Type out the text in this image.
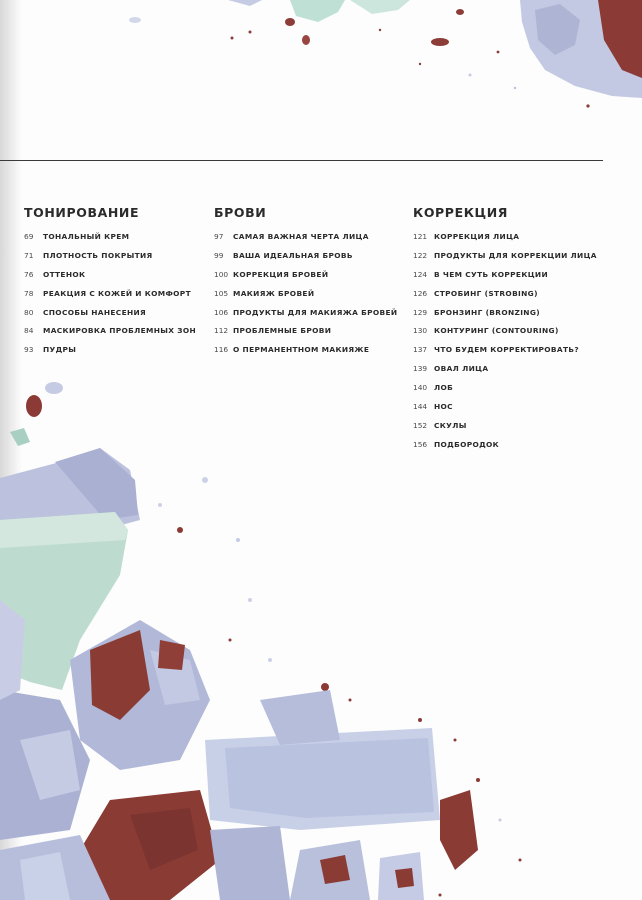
ТОНИРОВАНИЕ
69	ТОНАЛЬНЫЙ КРЕМ
71	ПЛОТНОСТЬ ПОКРЫТИЯ
76	ОТТЕНОК
78	РЕАКЦИЯ С КОЖЕЙ И КОМФОРТ
80	СПОСОБЫ НАНЕСЕНИЯ
84	МАСКИРОВКА ПРОБЛЕМНЫХ ЗОН
93	ПУДРЫ
БРОВИ
97	САМАЯ ВАЖНАЯ ЧЕРТА ЛИЦА
99	ВАША ИДЕАЛЬНАЯ БРОВЬ
100 КОРРЕКЦИЯ БРОВЕЙ
105 МАКИЯЖ БРОВЕЙ
106 ПРОДУКТЫ ДЛЯ МАКИЯЖА БРОВЕЙ
112 ПРОБЛЕМНЫЕ БРОВИ
116 О ПЕРМАНЕНТНОМ МАКИЯЖЕ
КОРРЕКЦИЯ
121 КОРРЕКЦИЯ ЛИЦА
122 ПРОДУКТЫ ДЛЯ КОРРЕКЦИИ ЛИЦА
124 В ЧЕМ СУТЬ КОРРЕКЦИИ
126 СТРОБИНГ (STROBING)
129 БРОНЗИНГ (BRONZING)
130 КОНТУРИНГ (CONTOURING)
137 ЧТО БУДЕМ КОРРЕКТИРОВАТЬ?
139 ОВАЛ ЛИЦА
140 ЛОБ
144 НОС
152 СКУЛЫ
156 ПОДБОРОДОК
